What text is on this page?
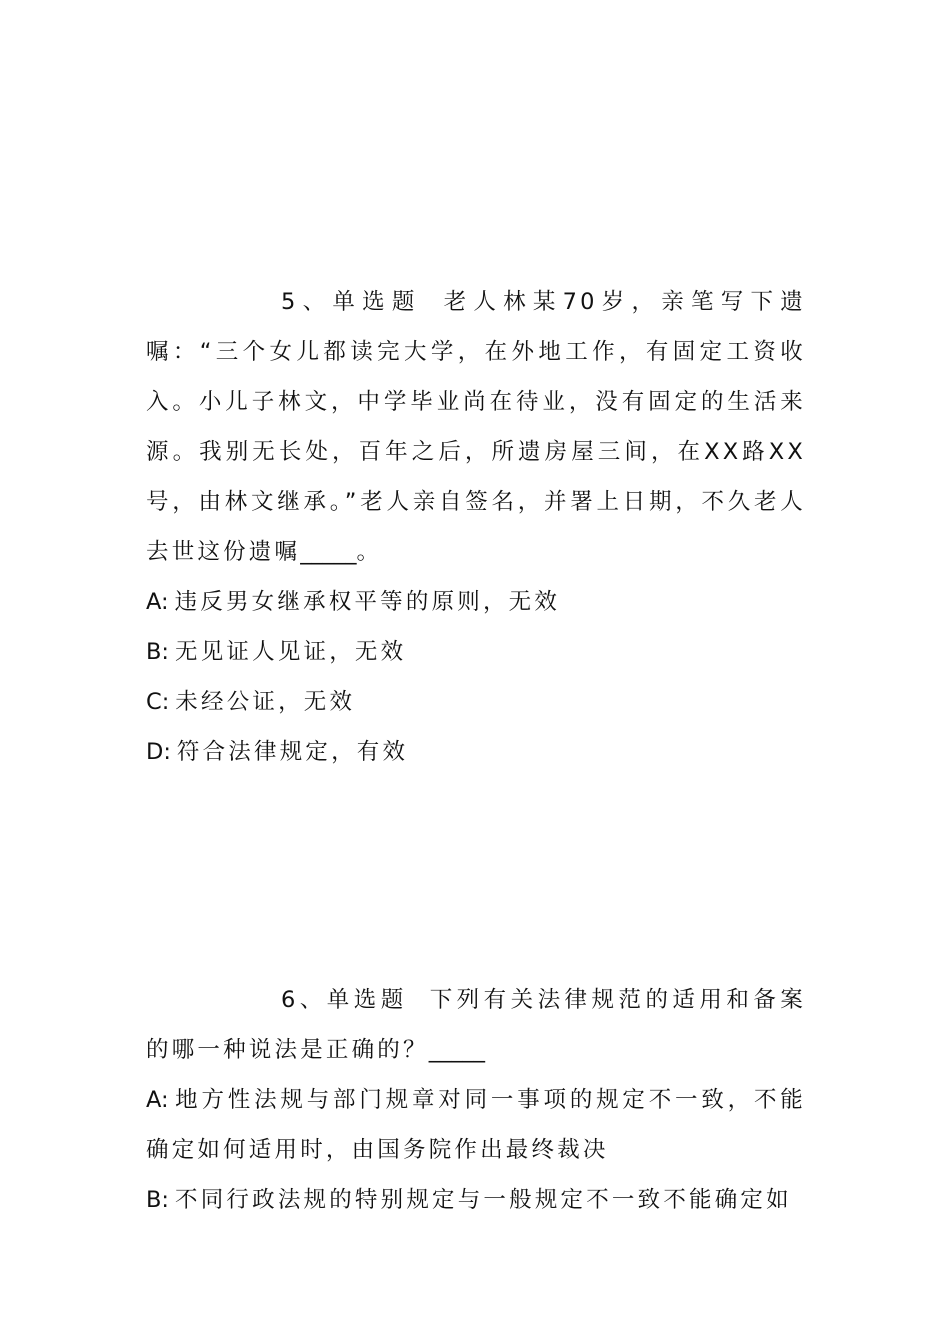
5、单选题 老人林某70岁，亲笔写下遗嘱：“三个女儿都读完大学，在外地工作，有固定工资收入。小儿子林文，中学毕业尚在待业，没有固定的生活来源。我别无长处，百年之后，所遗房屋三间，在XX路XX号，由林文继承。”老人亲自签名，并署上日期，不久老人去世这份遗嘱_____。

A: 违反男女继承权平等的原则，无效

B: 无见证人见证，无效

C: 未经公证，无效

D: 符合法律规定，有效

6、单选题 下列有关法律规范的适用和备案的哪一种说法是正确的？_____

A: 地方性法规与部门规章对同一事项的规定不一致，不能确定如何适用时，由国务院作出最终裁决

B: 不同行政法规的特别规定与一般规定不一致不能确定如
